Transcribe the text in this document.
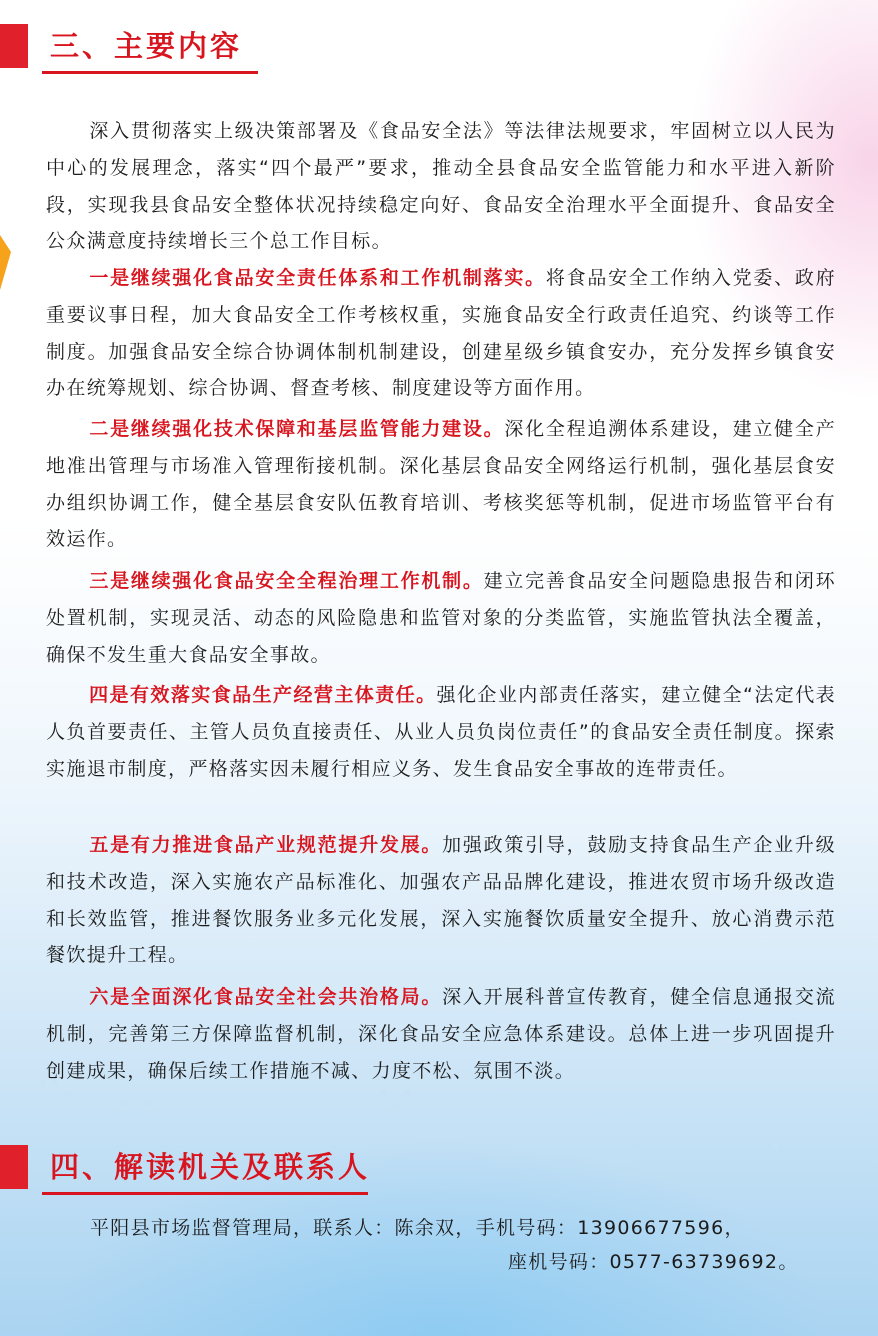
三、主要内容

深入贯彻落实上级决策部署及《食品安全法》等法律法规要求，牢固树立以人民为中心的发展理念，落实“四个最严”要求，推动全县食品安全监管能力和水平进入新阶段，实现我县食品安全整体状况持续稳定向好、食品安全治理水平全面提升、食品安全公众满意度持续增长三个总工作目标。

一是继续强化食品安全责任体系和工作机制落实。将食品安全工作纳入党委、政府重要议事日程，加大食品安全工作考核权重，实施食品安全行政责任追究、约谈等工作制度。加强食品安全综合协调体制机制建设，创建星级乡镇食安办，充分发挥乡镇食安办在统筹规划、综合协调、督查考核、制度建设等方面作用。

二是继续强化技术保障和基层监管能力建设。深化全程追溯体系建设，建立健全产地准出管理与市场准入管理衔接机制。深化基层食品安全网络运行机制，强化基层食安办组织协调工作，健全基层食安队伍教育培训、考核奖惩等机制，促进市场监管平台有效运作。

三是继续强化食品安全全程治理工作机制。建立完善食品安全问题隐患报告和闭环处置机制，实现灵活、动态的风险隐患和监管对象的分类监管，实施监管执法全覆盖，确保不发生重大食品安全事故。

四是有效落实食品生产经营主体责任。强化企业内部责任落实，建立健全“法定代表人负首要责任、主管人员负直接责任、从业人员负岗位责任”的食品安全责任制度。探索实施退市制度，严格落实因未履行相应义务、发生食品安全事故的连带责任。

五是有力推进食品产业规范提升发展。加强政策引导，鼓励支持食品生产企业升级和技术改造，深入实施农产品标准化、加强农产品品牌化建设，推进农贸市场升级改造和长效监管，推进餐饮服务业多元化发展，深入实施餐饮质量安全提升、放心消费示范餐饮提升工程。

六是全面深化食品安全社会共治格局。深入开展科普宣传教育，健全信息通报交流机制，完善第三方保障监督机制，深化食品安全应急体系建设。总体上进一步巩固提升创建成果，确保后续工作措施不减、力度不松、氛围不淡。

四、解读机关及联系人
平阳县市场监督管理局，联系人：陈余双，手机号码：13906677596，
座机号码：0577-63739692。
